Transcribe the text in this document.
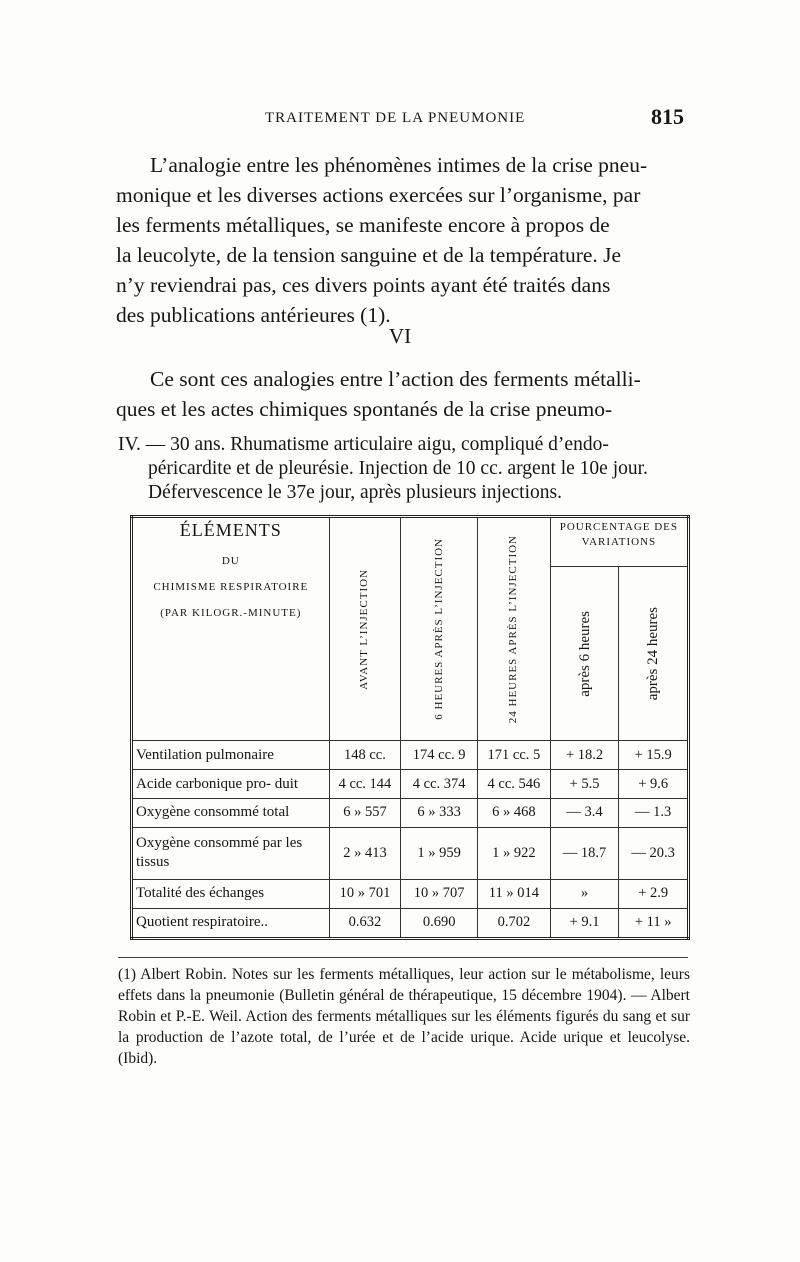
TRAITEMENT DE LA PNEUMONIE	815
L’analogie entre les phénomènes intimes de la crise pneu-
monique et les diverses actions exercées sur l’organisme, par
les ferments métalliques, se manifeste encore à propos de
la leucolyte, de la tension sanguine et de la température. Je
n’y reviendrai pas, ces divers points ayant été traités dans
des publications antérieures (1).
VI
Ce sont ces analogies entre l’action des ferments métalli-
ques et les actes chimiques spontanés de la crise pneumo-
IV. — 30 ans. Rhumatisme articulaire aigu, compliqué d’endo-
péricardite et de pleurésie. Injection de 10 cc. argent le 10e jour.
Défervescence le 37e jour, après plusieurs injections.
ÉLÉMENTS
DU
CHIMISME RESPIRATOIRE
(PAR KILOGR.-MINUTE)	AVANT L’INJECTION	6 HEURES APRÈS L’INJECTION	24 HEURES APRÈS L’INJECTION	POURCENTAGE DES VARIATIONS	

				après 6 heures	après 24 heures

Ventilation pulmonaire	148 cc.	174 cc. 9	171 cc. 5	+ 18.2	+ 15.9
Acide carbonique pro- duit	4 cc. 144	4 cc. 374	4 cc. 546	+ 5.5	+ 9.6
Oxygène consommé total	6 » 557	6 » 333	6 » 468	— 3.4	— 1.3
Oxygène consommé par les tissus	2 » 413	1 » 959	1 » 922	— 18.7	— 20.3
Totalité des échanges	10 » 701	10 » 707	11 » 014	»	+ 2.9
Quotient respiratoire..	0.632	0.690	0.702	+ 9.1	+ 11 »
(1) Albert Robin. Notes sur les ferments métalliques, leur action sur le métabolisme, leurs effets dans la pneumonie (Bulletin général de thérapeutique, 15 décembre 1904). — Albert Robin et P.-E. Weil. Action des ferments métalliques sur les éléments figurés du sang et sur la production de l’azote total, de l’urée et de l’acide urique. Acide urique et leucolyse. (Ibid).
